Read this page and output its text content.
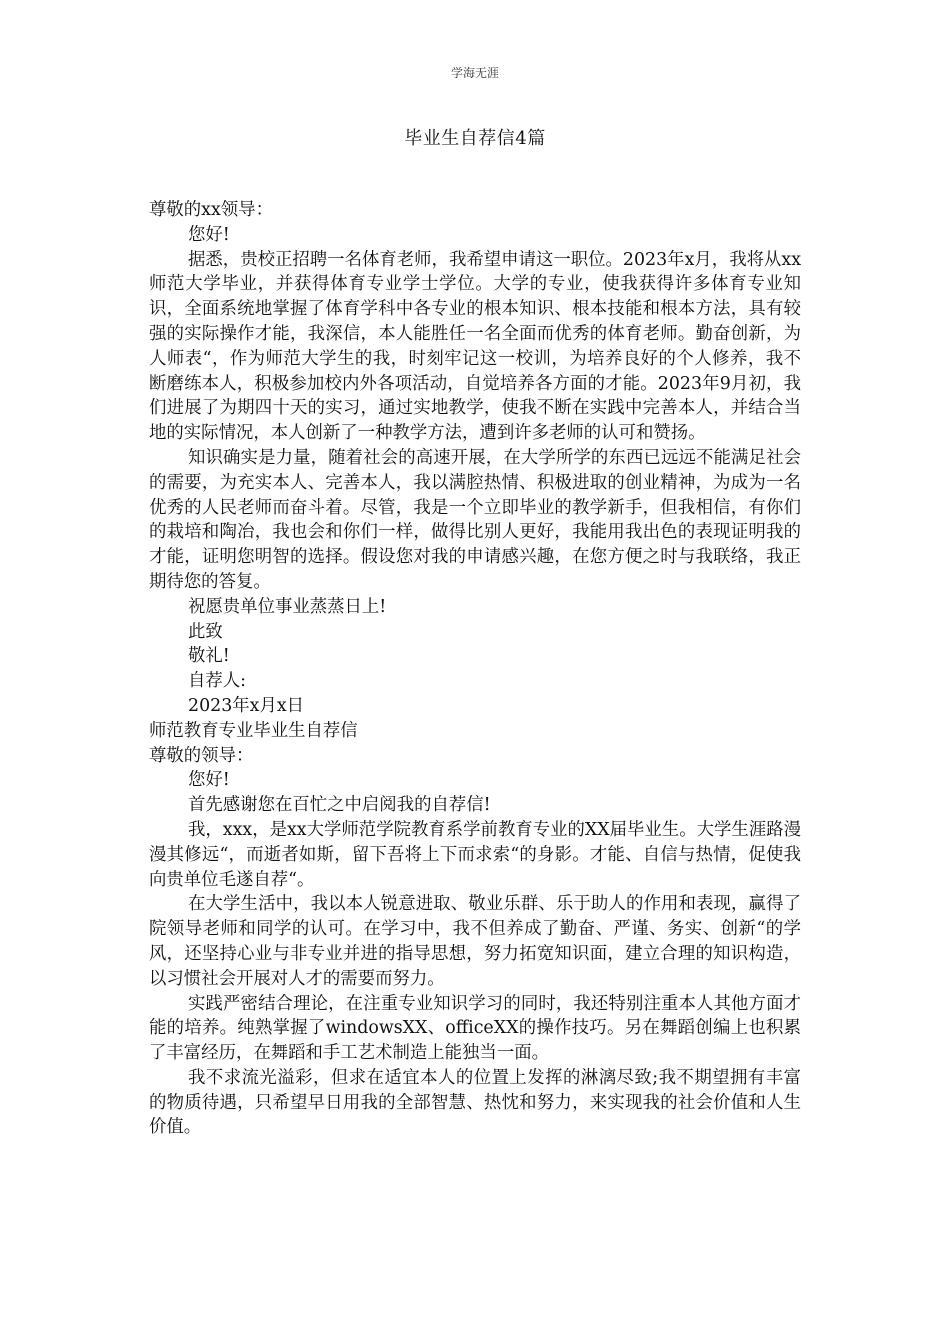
学海无涯
毕业生自荐信4篇

尊敬的xx领导：

您好!

据悉，贵校正招聘一名体育老师，我希望申请这一职位。2023年x月，我将从xx师范大学毕业，并获得体育专业学士学位。大学的专业，使我获得许多体育专业知识，全面系统地掌握了体育学科中各专业的根本知识、根本技能和根本方法，具有较强的实际操作才能，我深信，本人能胜任一名全面而优秀的体育老师。勤奋创新，为人师表“，作为师范大学生的我，时刻牢记这一校训，为培养良好的个人修养，我不断磨练本人，积极参加校内外各项活动，自觉培养各方面的才能。2023年9月初，我们进展了为期四十天的实习，通过实地教学，使我不断在实践中完善本人，并结合当地的实际情况，本人创新了一种教学方法，遭到许多老师的认可和赞扬。

知识确实是力量，随着社会的高速开展，在大学所学的东西已远远不能满足社会的需要，为充实本人、完善本人，我以满腔热情、积极进取的创业精神，为成为一名优秀的人民老师而奋斗着。尽管，我是一个立即毕业的教学新手，但我相信，有你们的栽培和陶冶，我也会和你们一样，做得比别人更好，我能用我出色的表现证明我的才能，证明您明智的选择。假设您对我的申请感兴趣，在您方便之时与我联络，我正期待您的答复。

祝愿贵单位事业蒸蒸日上!

此致

敬礼!

自荐人:

2023年x月x日

师范教育专业毕业生自荐信

尊敬的领导：

您好!

首先感谢您在百忙之中启阅我的自荐信!

我，xxx，是xx大学师范学院教育系学前教育专业的XX届毕业生。大学生涯路漫漫其修远“，而逝者如斯，留下吾将上下而求索“的身影。才能、自信与热情，促使我向贵单位毛遂自荐“。

在大学生活中，我以本人锐意进取、敬业乐群、乐于助人的作用和表现，赢得了院领导老师和同学的认可。在学习中，我不但养成了勤奋、严谨、务实、创新“的学风，还坚持心业与非专业并进的指导思想，努力拓宽知识面，建立合理的知识构造，以习惯社会开展对人才的需要而努力。

实践严密结合理论，在注重专业知识学习的同时，我还特别注重本人其他方面才能的培养。纯熟掌握了windowsXX、officeXX的操作技巧。另在舞蹈创编上也积累了丰富经历，在舞蹈和手工艺术制造上能独当一面。

我不求流光溢彩，但求在适宜本人的位置上发挥的淋漓尽致;我不期望拥有丰富的物质待遇，只希望早日用我的全部智慧、热忱和努力，来实现我的社会价值和人生价值。
